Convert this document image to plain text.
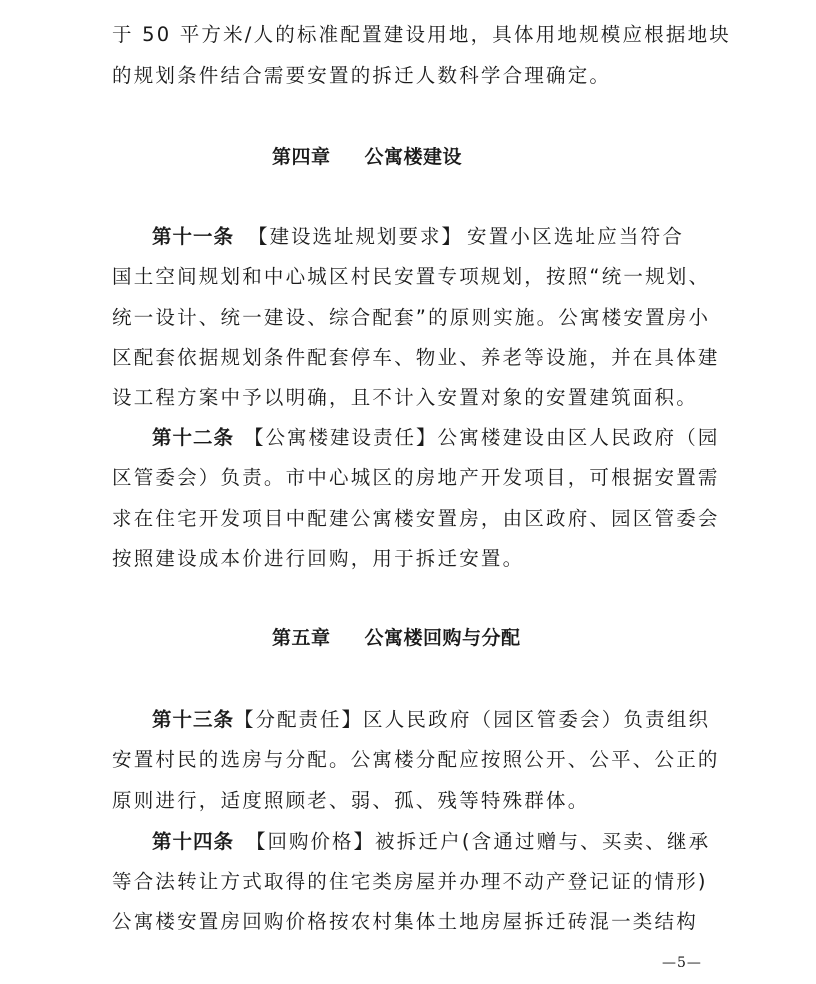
于 50 平方米/人的标准配置建设用地，具体用地规模应根据地块
的规划条件结合需要安置的拆迁人数科学合理确定。
第四章 公寓楼建设
第十一条 【建设选址规划要求】 安置小区选址应当符合
国土空间规划和中心城区村民安置专项规划，按照“统一规划、
统一设计、统一建设、综合配套”的原则实施。公寓楼安置房小
区配套依据规划条件配套停车、物业、养老等设施，并在具体建
设工程方案中予以明确，且不计入安置对象的安置建筑面积。
第十二条 【公寓楼建设责任】公寓楼建设由区人民政府（园
区管委会）负责。市中心城区的房地产开发项目，可根据安置需
求在住宅开发项目中配建公寓楼安置房，由区政府、园区管委会
按照建设成本价进行回购，用于拆迁安置。
第五章 公寓楼回购与分配
第十三条【分配责任】区人民政府（园区管委会）负责组织
安置村民的选房与分配。公寓楼分配应按照公开、公平、公正的
原则进行，适度照顾老、弱、孤、残等特殊群体。
第十四条 【回购价格】被拆迁户(含通过赠与、买卖、继承
等合法转让方式取得的住宅类房屋并办理不动产登记证的情形)
公寓楼安置房回购价格按农村集体土地房屋拆迁砖混一类结构
—5—
